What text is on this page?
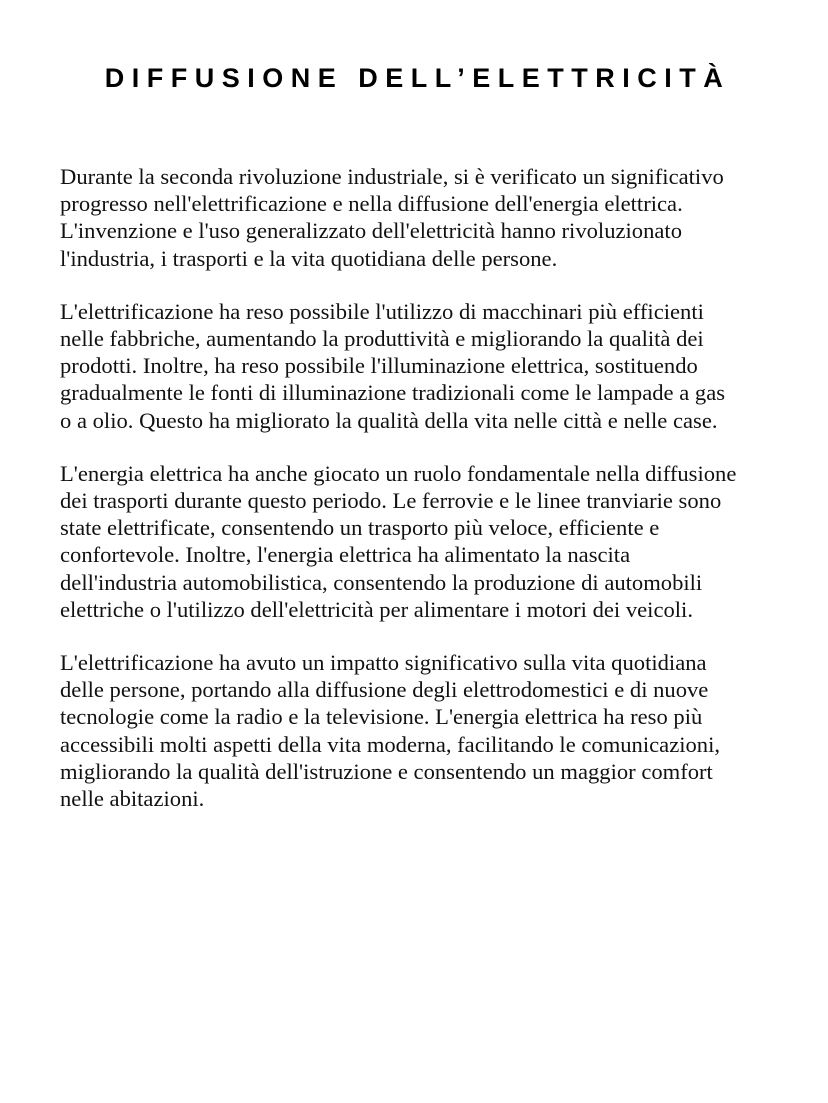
DIFFUSIONE DELL’ELETTRICITÀ

Durante la seconda rivoluzione industriale, si è verificato un significativo
progresso nell'elettrificazione e nella diffusione dell'energia elettrica.
L'invenzione e l'uso generalizzato dell'elettricità hanno rivoluzionato
l'industria, i trasporti e la vita quotidiana delle persone.

L'elettrificazione ha reso possibile l'utilizzo di macchinari più efficienti
nelle fabbriche, aumentando la produttività e migliorando la qualità dei
prodotti. Inoltre, ha reso possibile l'illuminazione elettrica, sostituendo
gradualmente le fonti di illuminazione tradizionali come le lampade a gas
o a olio. Questo ha migliorato la qualità della vita nelle città e nelle case.

L'energia elettrica ha anche giocato un ruolo fondamentale nella diffusione
dei trasporti durante questo periodo. Le ferrovie e le linee tranviarie sono
state elettrificate, consentendo un trasporto più veloce, efficiente e
confortevole. Inoltre, l'energia elettrica ha alimentato la nascita
dell'industria automobilistica, consentendo la produzione di automobili
elettriche o l'utilizzo dell'elettricità per alimentare i motori dei veicoli.

L'elettrificazione ha avuto un impatto significativo sulla vita quotidiana
delle persone, portando alla diffusione degli elettrodomestici e di nuove
tecnologie come la radio e la televisione. L'energia elettrica ha reso più
accessibili molti aspetti della vita moderna, facilitando le comunicazioni,
migliorando la qualità dell'istruzione e consentendo un maggior comfort
nelle abitazioni.
